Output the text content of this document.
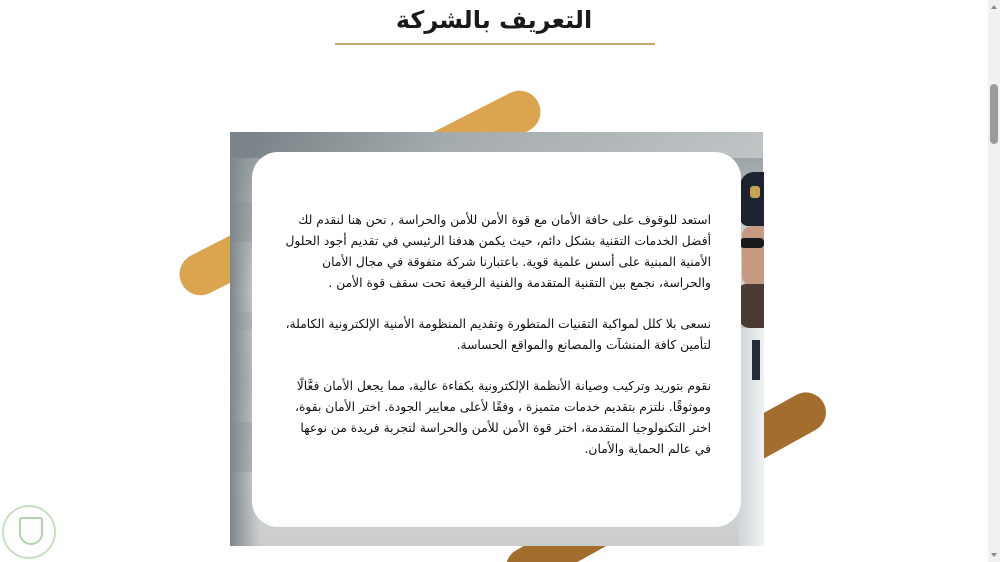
التعريف بالشركة

استعد للوقوف على حافة الأمان مع قوة الأمن للأمن والحراسة , نحن هنا لنقدم لك أفضل الخدمات التقنية بشكل دائم، حيث يكمن هدفنا الرئيسي في تقديم أجود الحلول الأمنية المبنية على أسس علمية قوية. باعتبارنا شركة متفوقة في مجال الأمان والحراسة، نجمع بين التقنية المتقدمة والفنية الرفيعة تحت سقف قوة الأمن .

نسعى بلا كلل لمواكبة التقنيات المتطورة وتقديم المنظومة الأمنية الإلكترونية الكاملة، لتأمين كافة المنشآت والمصانع والمواقع الحساسة.

نقوم بتوريد وتركيب وصيانة الأنظمة الإلكترونية بكفاءة عالية، مما يجعل الأمان فعَّالًا وموثوقًا. نلتزم بتقديم خدمات متميزة ، وفقًا لأعلى معايير الجودة. اختر الأمان بقوة، اختر التكنولوجيا المتقدمة، اختر قوة الأمن للأمن والحراسة لتجربة فريدة من نوعها في عالم الحماية والأمان.
